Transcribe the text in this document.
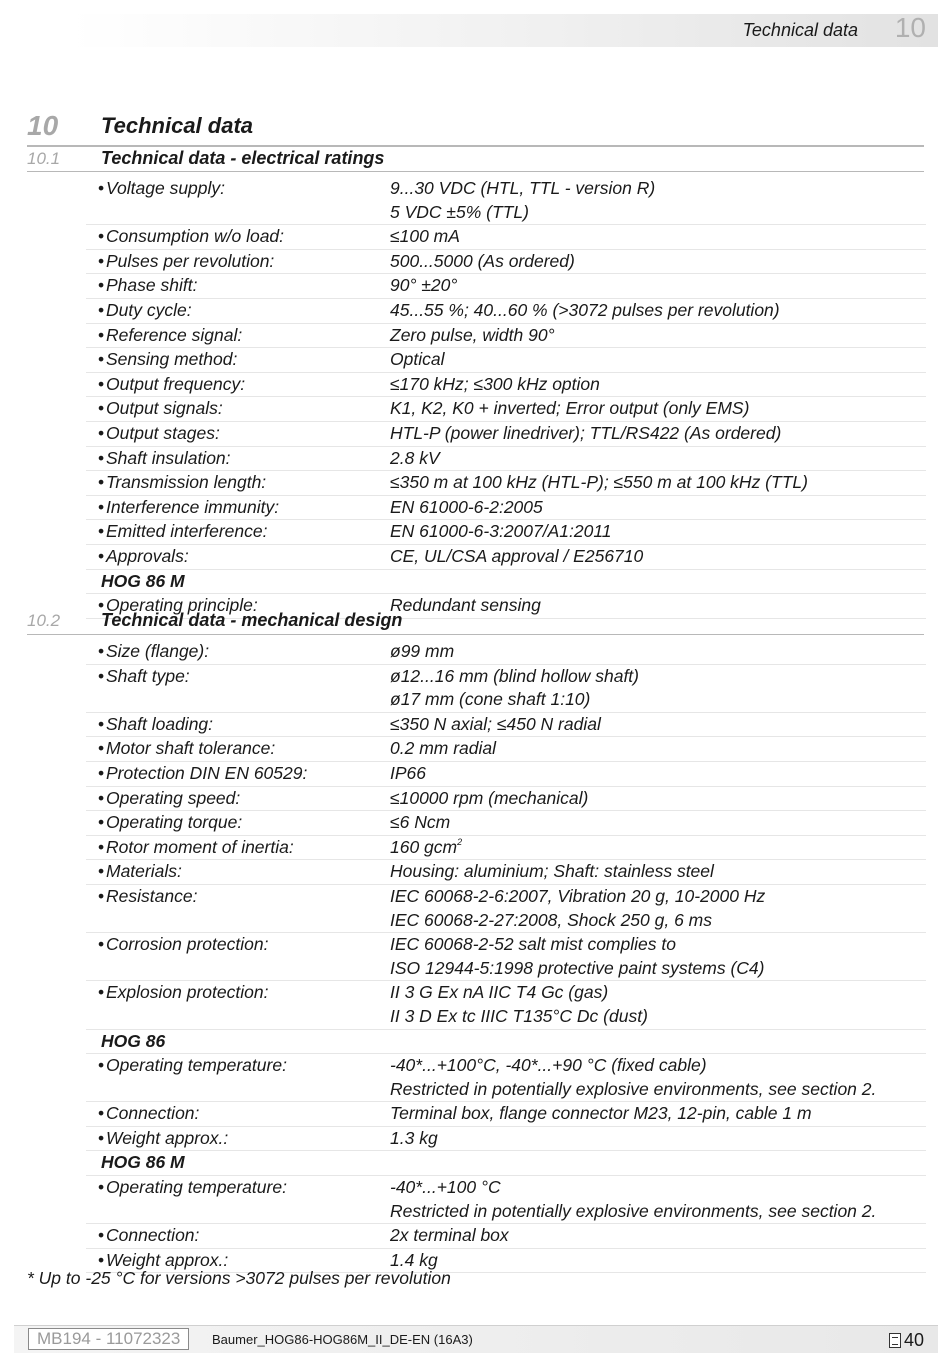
Technical data 10
10 Technical data
10.1 Technical data - electrical ratings
• Voltage supply:	9...30 VDC (HTL, TTL - version R)
5 VDC ±5% (TTL)
• Consumption w/o load:	≤100 mA
• Pulses per revolution:	500...5000 (As ordered)
• Phase shift:	90° ±20°
• Duty cycle:	45...55 %; 40...60 % (>3072 pulses per revolution)
• Reference signal:	Zero pulse, width 90°
• Sensing method:	Optical
• Output frequency:	≤170 kHz; ≤300 kHz option
• Output signals:	K1, K2, K0 + inverted; Error output (only EMS)
• Output stages:	HTL-P (power linedriver); TTL/RS422 (As ordered)
• Shaft insulation:	2.8 kV
• Transmission length:	≤350 m at 100 kHz (HTL-P); ≤550 m at 100 kHz (TTL)
• Interference immunity:	EN 61000-6-2:2005
• Emitted interference:	EN 61000-6-3:2007/A1:2011
• Approvals:	CE, UL/CSA approval / E256710
HOG 86 M
• Operating principle:	Redundant sensing
10.2 Technical data - mechanical design
• Size (flange):	ø99 mm
• Shaft type:	ø12...16 mm (blind hollow shaft)
ø17 mm (cone shaft 1:10)
• Shaft loading:	≤350 N axial; ≤450 N radial
• Motor shaft tolerance:	0.2 mm radial
• Protection DIN EN 60529:	IP66
• Operating speed:	≤10000 rpm (mechanical)
• Operating torque:	≤6 Ncm
• Rotor moment of inertia:	160 gcm$^2$
• Materials:	Housing: aluminium; Shaft: stainless steel
• Resistance:	IEC 60068-2-6:2007, Vibration 20 g, 10-2000 Hz
IEC 60068-2-27:2008, Shock 250 g, 6 ms
• Corrosion protection:	IEC 60068-2-52 salt mist complies to
ISO 12944-5:1998 protective paint systems (C4)
• Explosion protection:	II 3 G Ex nA IIC T4 Gc (gas)
II 3 D Ex tc IIIC T135°C Dc (dust)
HOG 86
• Operating temperature:	-40*...+100°C, -40*...+90 °C (fixed cable)
Restricted in potentially explosive environments, see section 2.
• Connection:	Terminal box, flange connector M23, 12-pin, cable 1 m
• Weight approx.:	1.3 kg
HOG 86 M
• Operating temperature:	-40*...+100 °C
Restricted in potentially explosive environments, see section 2.
• Connection:	2x terminal box
• Weight approx.:	1.4 kg
* Up to -25 °C for versions >3072 pulses per revolution
MB194 - 11072323	Baumer_HOG86-HOG86M_II_DE-EN (16A3)	40
